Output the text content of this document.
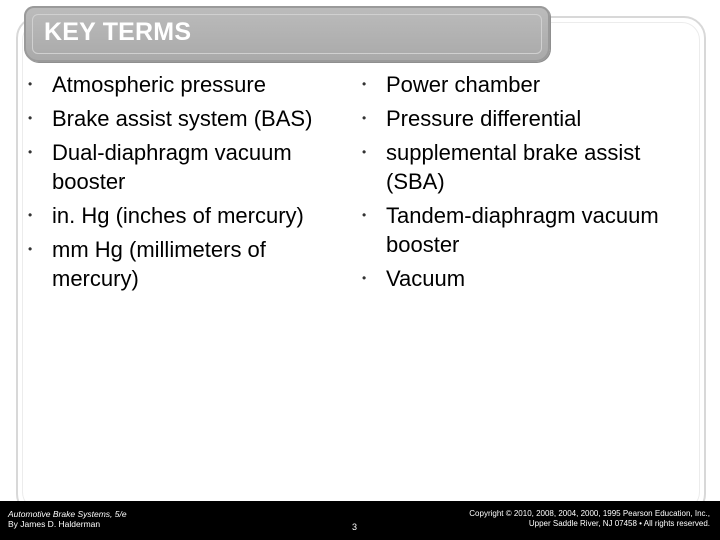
KEY TERMS
• Atmospheric pressure
• Brake assist system (BAS)
• Dual-diaphragm vacuum booster
• in. Hg (inches of mercury)
• mm Hg (millimeters of mercury)
• Power chamber
• Pressure differential
• supplemental brake assist (SBA)
• Tandem-diaphragm vacuum booster
• Vacuum
Automotive Brake Systems, 5/e
By James D. Halderman	3
Copyright © 2010, 2008, 2004, 2000, 1995 Pearson Education, Inc.,
Upper Saddle River, NJ 07458 • All rights reserved.
